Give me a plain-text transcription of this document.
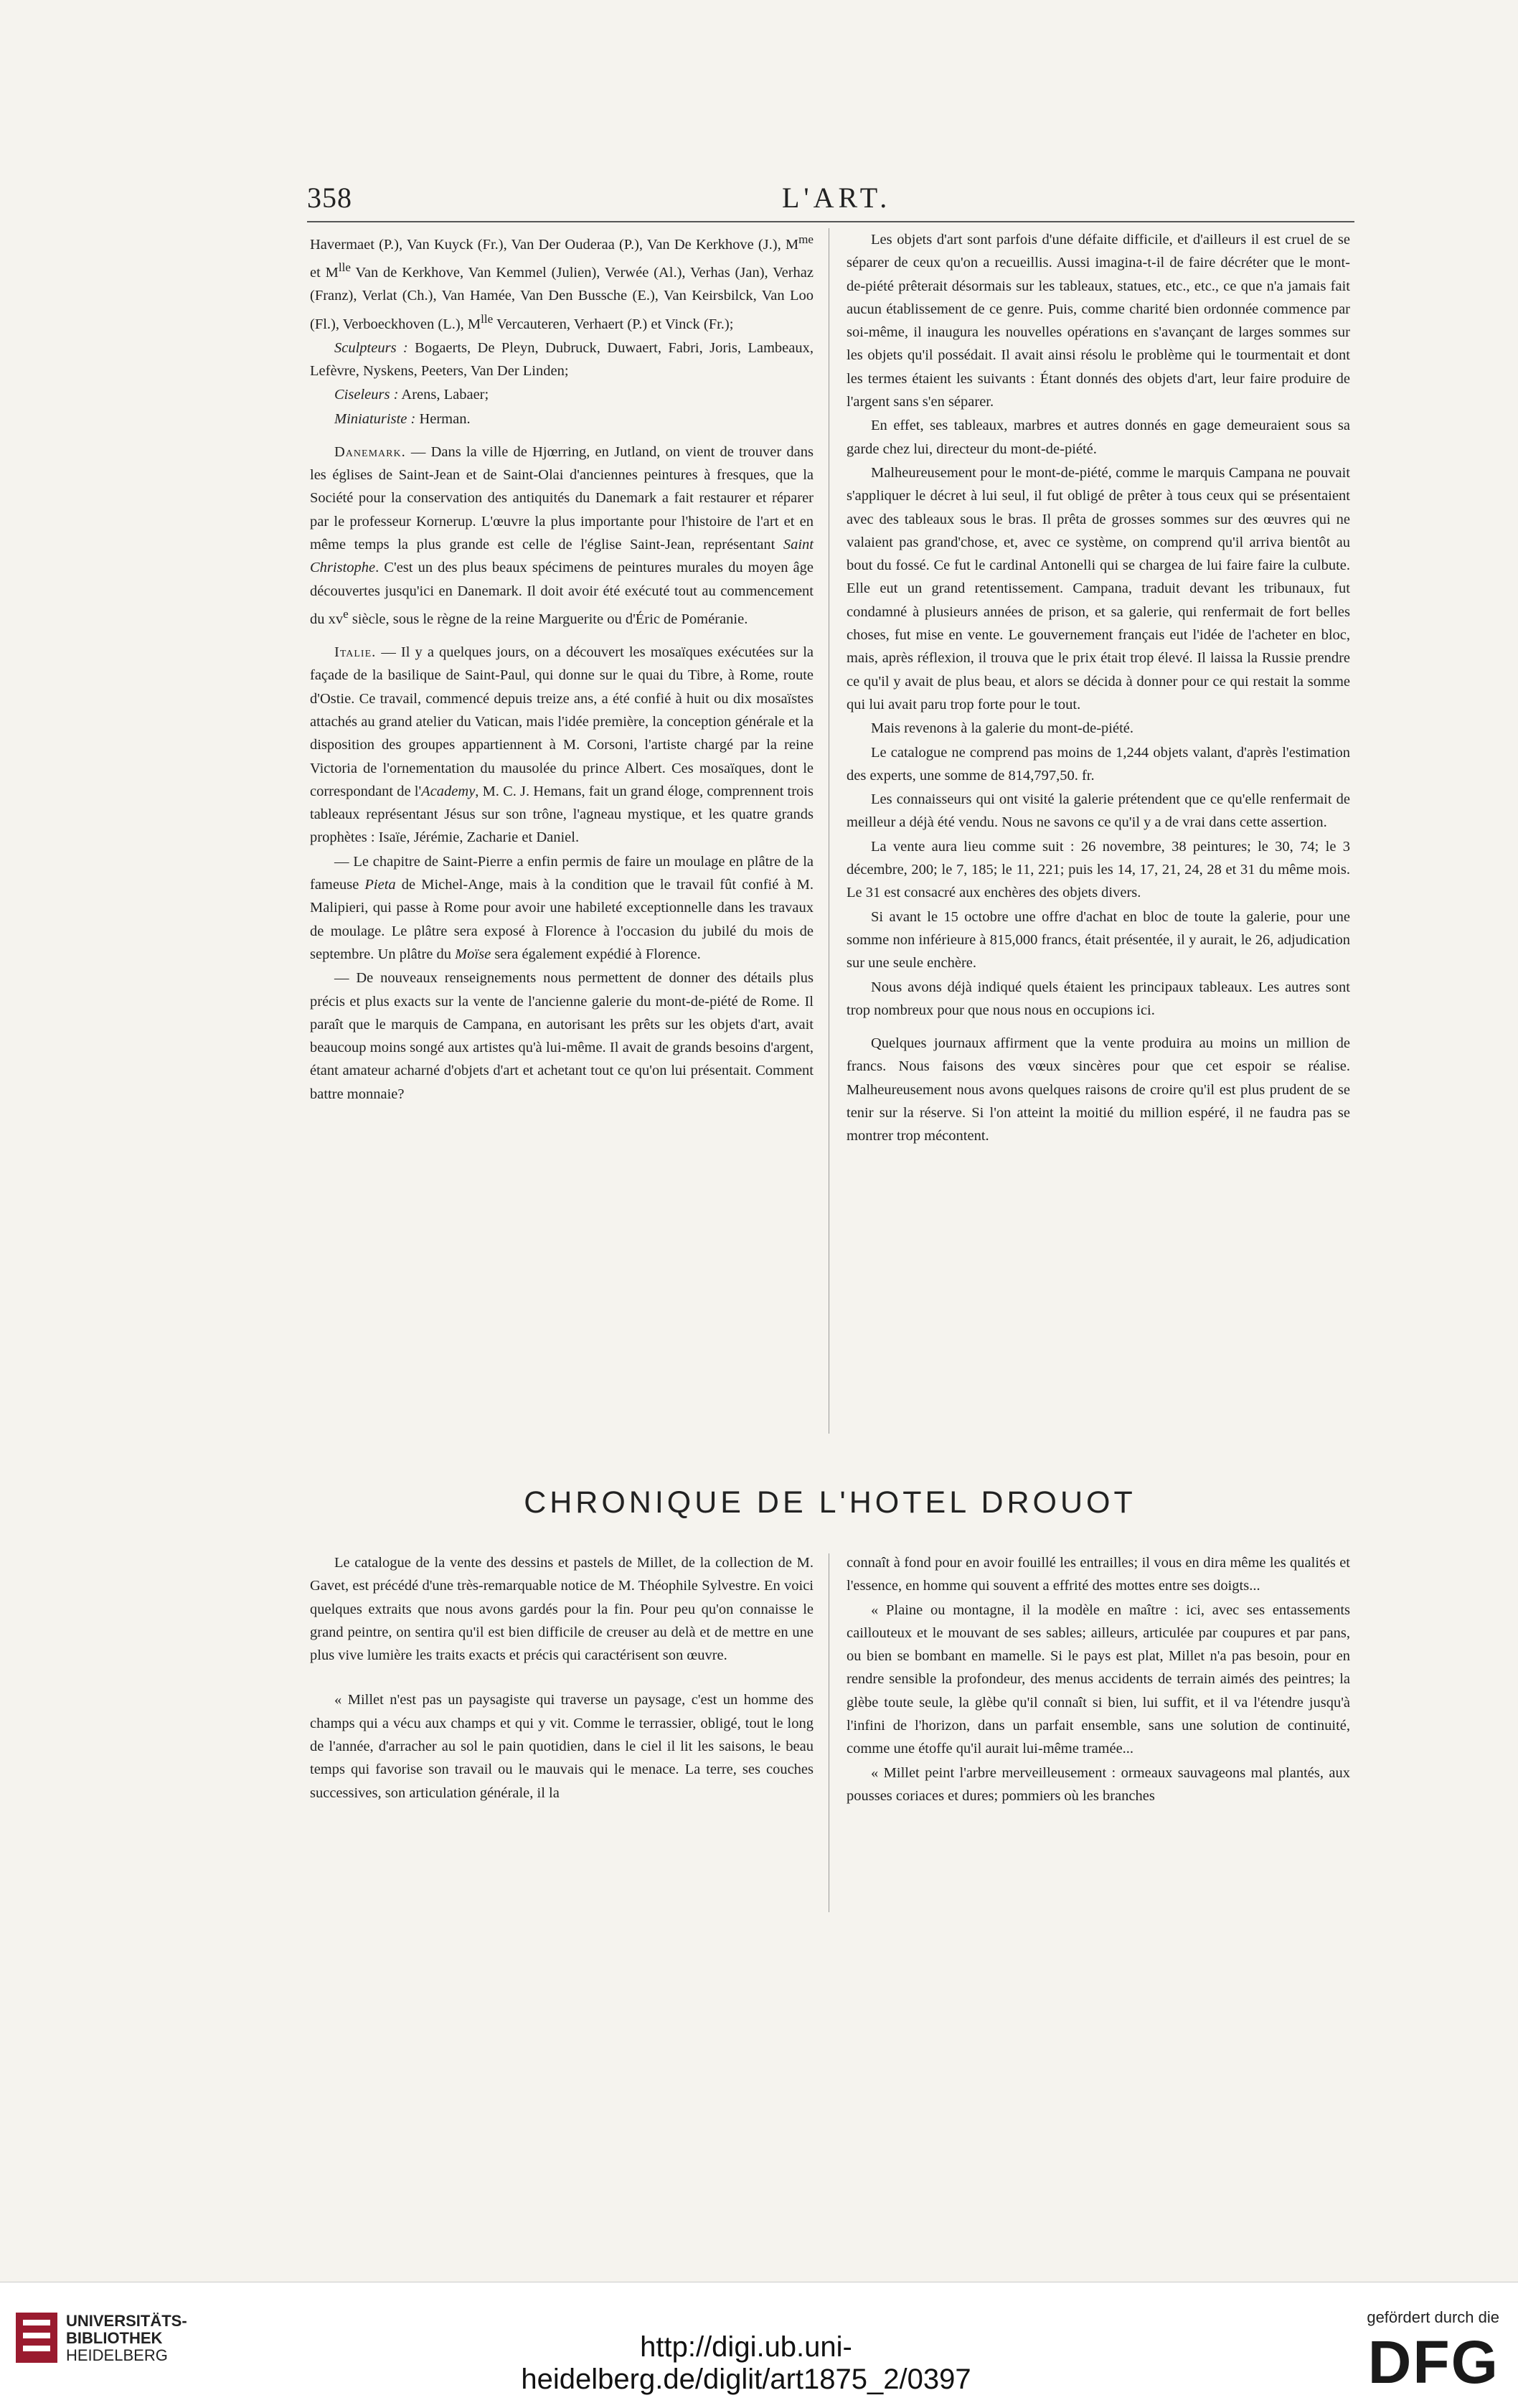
358	L'ART.

Havermaet (P.), Van Kuyck (Fr.), Van Der Ouderaa (P.), Van De Kerkhove (J.), $M^{me}$ et $M^{lle}$ Van de Kerkhove, Van Kemmel (Julien), Verwée (Al.), Verhas (Jan), Verhaz (Franz), Verlat (Ch.), Van Hamée, Van Den Bussche (E.), Van Keirsbilck, Van Loo (Fl.), Verboeckhoven (L.), $M^{lle}$ Vercauteren, Verhaert (P.) et Vinck (Fr.);

Sculpteurs : Bogaerts, De Pleyn, Dubruck, Duwaert, Fabri, Joris, Lambeaux, Lefèvre, Nyskens, Peeters, Van Der Linden;

Ciseleurs : Arens, Labaer;

Miniaturiste : Herman.

Danemark. — Dans la ville de Hjœrring, en Jutland, on vient de trouver dans les églises de Saint-Jean et de Saint-Olai d'anciennes peintures à fresques, que la Société pour la conservation des antiquités du Danemark a fait restaurer et réparer par le professeur Kornerup. L'œuvre la plus importante pour l'histoire de l'art et en même temps la plus grande est celle de l'église Saint-Jean, représentant Saint Christophe. C'est un des plus beaux spécimens de peintures murales du moyen âge découvertes jusqu'ici en Danemark. Il doit avoir été exécuté tout au commencement du $xv^e$ siècle, sous le règne de la reine Marguerite ou d'Éric de Poméranie.

Italie. — Il y a quelques jours, on a découvert les mosaïques exécutées sur la façade de la basilique de Saint-Paul, qui donne sur le quai du Tibre, à Rome, route d'Ostie. Ce travail, commencé depuis treize ans, a été confié à huit ou dix mosaïstes attachés au grand atelier du Vatican, mais l'idée première, la conception générale et la disposition des groupes appartiennent à M. Corsoni, l'artiste chargé par la reine Victoria de l'ornementation du mausolée du prince Albert. Ces mosaïques, dont le correspondant de l'Academy, M. C. J. Hemans, fait un grand éloge, comprennent trois tableaux représentant Jésus sur son trône, l'agneau mystique, et les quatre grands prophètes : Isaïe, Jérémie, Zacharie et Daniel.

— Le chapitre de Saint-Pierre a enfin permis de faire un moulage en plâtre de la fameuse Pieta de Michel-Ange, mais à la condition que le travail fût confié à M. Malipieri, qui passe à Rome pour avoir une habileté exceptionnelle dans les travaux de moulage. Le plâtre sera exposé à Florence à l'occasion du jubilé du mois de septembre. Un plâtre du Moïse sera également expédié à Florence.

— De nouveaux renseignements nous permettent de donner des détails plus précis et plus exacts sur la vente de l'ancienne galerie du mont-de-piété de Rome. Il paraît que le marquis de Campana, en autorisant les prêts sur les objets d'art, avait beaucoup moins songé aux artistes qu'à lui-même. Il avait de grands besoins d'argent, étant amateur acharné d'objets d'art et achetant tout ce qu'on lui présentait. Comment battre monnaie?

Les objets d'art sont parfois d'une défaite difficile, et d'ailleurs il est cruel de se séparer de ceux qu'on a recueillis. Aussi imagina-t-il de faire décréter que le mont-de-piété prêterait désormais sur les tableaux, statues, etc., etc., ce que n'a jamais fait aucun établissement de ce genre. Puis, comme charité bien ordonnée commence par soi-même, il inaugura les nouvelles opérations en s'avançant de larges sommes sur les objets qu'il possédait. Il avait ainsi résolu le problème qui le tourmentait et dont les termes étaient les suivants : Étant donnés des objets d'art, leur faire produire de l'argent sans s'en séparer.

En effet, ses tableaux, marbres et autres donnés en gage demeuraient sous sa garde chez lui, directeur du mont-de-piété.

Malheureusement pour le mont-de-piété, comme le marquis Campana ne pouvait s'appliquer le décret à lui seul, il fut obligé de prêter à tous ceux qui se présentaient avec des tableaux sous le bras. Il prêta de grosses sommes sur des œuvres qui ne valaient pas grand'chose, et, avec ce système, on comprend qu'il arriva bientôt au bout du fossé. Ce fut le cardinal Antonelli qui se chargea de lui faire faire la culbute. Elle eut un grand retentissement. Campana, traduit devant les tribunaux, fut condamné à plusieurs années de prison, et sa galerie, qui renfermait de fort belles choses, fut mise en vente. Le gouvernement français eut l'idée de l'acheter en bloc, mais, après réflexion, il trouva que le prix était trop élevé. Il laissa la Russie prendre ce qu'il y avait de plus beau, et alors se décida à donner pour ce qui restait la somme qui lui avait paru trop forte pour le tout.

Mais revenons à la galerie du mont-de-piété.

Le catalogue ne comprend pas moins de 1,244 objets valant, d'après l'estimation des experts, une somme de 814,797,50. fr.

Les connaisseurs qui ont visité la galerie prétendent que ce qu'elle renfermait de meilleur a déjà été vendu. Nous ne savons ce qu'il y a de vrai dans cette assertion.

La vente aura lieu comme suit : 26 novembre, 38 peintures; le 30, 74; le 3 décembre, 200; le 7, 185; le 11, 221; puis les 14, 17, 21, 24, 28 et 31 du même mois. Le 31 est consacré aux enchères des objets divers.

Si avant le 15 octobre une offre d'achat en bloc de toute la galerie, pour une somme non inférieure à 815,000 francs, était présentée, il y aurait, le 26, adjudication sur une seule enchère.

Nous avons déjà indiqué quels étaient les principaux tableaux. Les autres sont trop nombreux pour que nous nous en occupions ici.

Quelques journaux affirment que la vente produira au moins un million de francs. Nous faisons des vœux sincères pour que cet espoir se réalise. Malheureusement nous avons quelques raisons de croire qu'il est plus prudent de se tenir sur la réserve. Si l'on atteint la moitié du million espéré, il ne faudra pas se montrer trop mécontent.

CHRONIQUE DE L'HOTEL DROUOT

Le catalogue de la vente des dessins et pastels de Millet, de la collection de M. Gavet, est précédé d'une très-remarquable notice de M. Théophile Sylvestre. En voici quelques extraits que nous avons gardés pour la fin. Pour peu qu'on connaisse le grand peintre, on sentira qu'il est bien difficile de creuser au delà et de mettre en une plus vive lumière les traits exacts et précis qui caractérisent son œuvre.

« Millet n'est pas un paysagiste qui traverse un paysage, c'est un homme des champs qui a vécu aux champs et qui y vit. Comme le terrassier, obligé, tout le long de l'année, d'arracher au sol le pain quotidien, dans le ciel il lit les saisons, le beau temps qui favorise son travail ou le mauvais qui le menace. La terre, ses couches successives, son articulation générale, il la

connaît à fond pour en avoir fouillé les entrailles; il vous en dira même les qualités et l'essence, en homme qui souvent a effrité des mottes entre ses doigts...

« Plaine ou montagne, il la modèle en maître : ici, avec ses entassements caillouteux et le mouvant de ses sables; ailleurs, articulée par coupures et par pans, ou bien se bombant en mamelle. Si le pays est plat, Millet n'a pas besoin, pour en rendre sensible la profondeur, des menus accidents de terrain aimés des peintres; la glèbe toute seule, la glèbe qu'il connaît si bien, lui suffit, et il va l'étendre jusqu'à l'infini de l'horizon, dans un parfait ensemble, sans une solution de continuité, comme une étoffe qu'il aurait lui-même tramée...

« Millet peint l'arbre merveilleusement : ormeaux sauvageons mal plantés, aux pousses coriaces et dures; pommiers où les branches

UNIVERSITÄTS-
BIBLIOTHEK
HEIDELBERG	http://digi.ub.uni-heidelberg.de/diglit/art1875_2/0397
gefördert durch die
DFG
